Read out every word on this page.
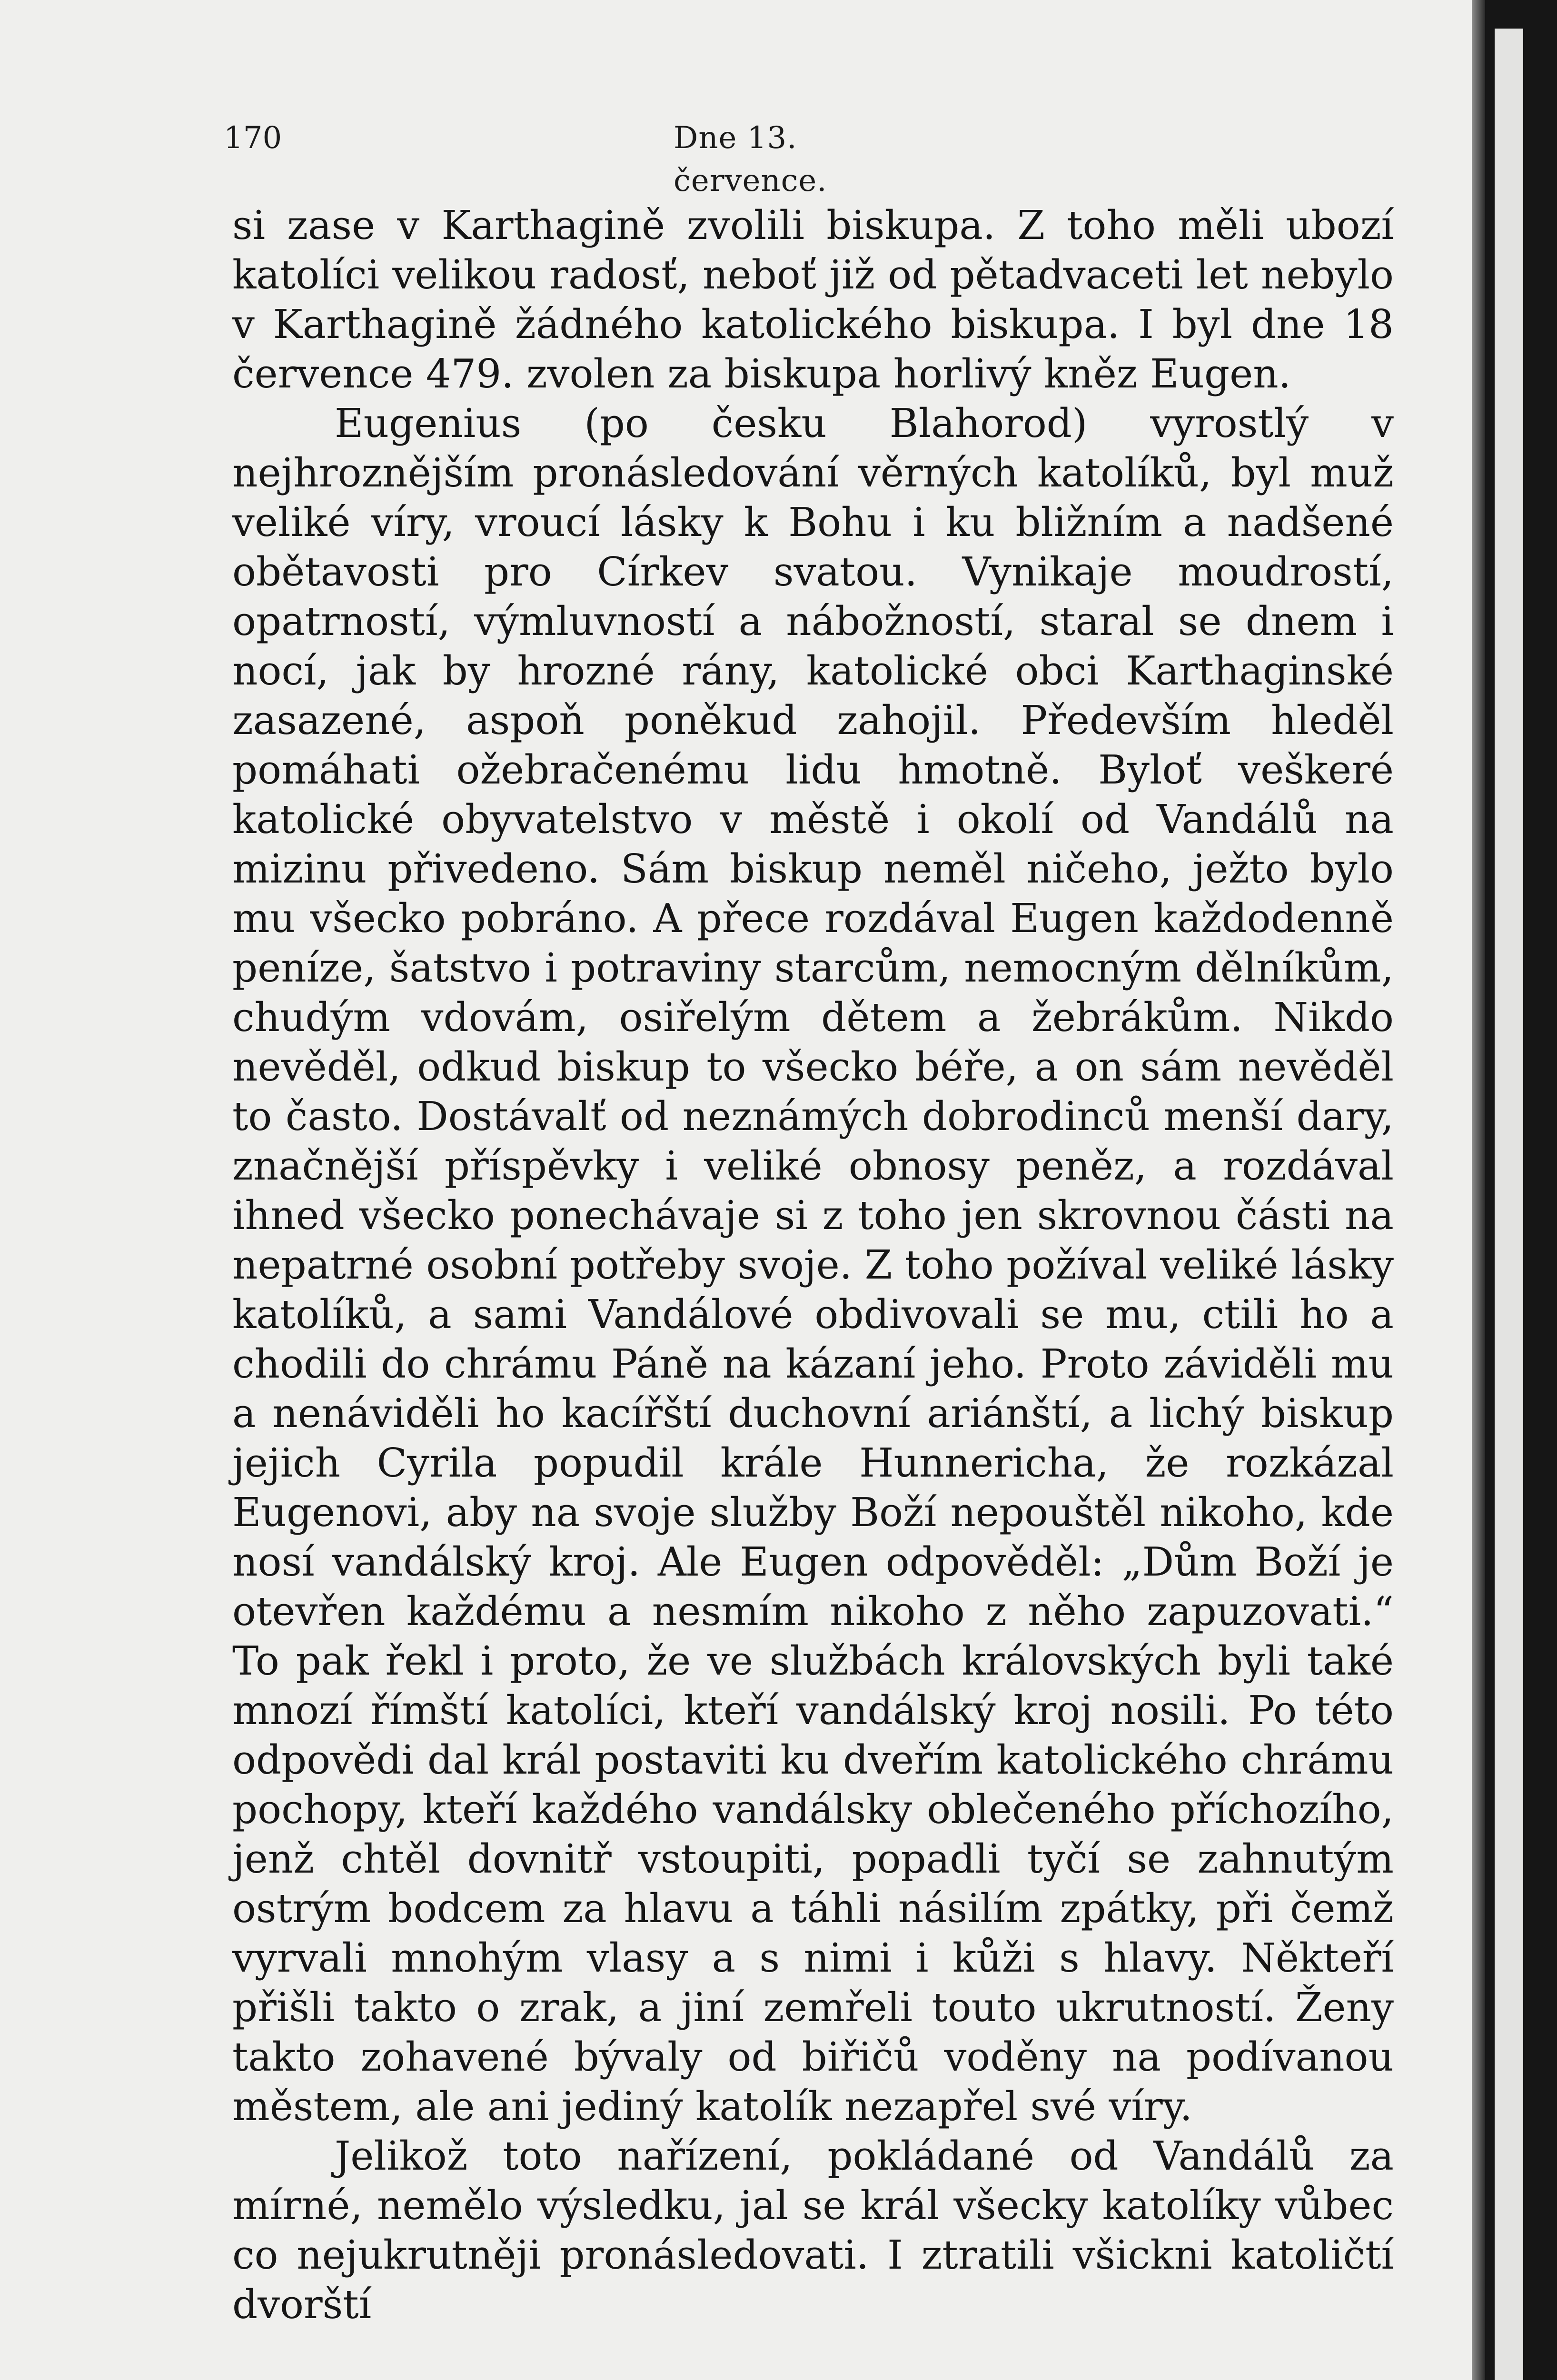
170	Dne 13. července.

si zase v Karthagině zvolili biskupa. Z toho měli ubozí katolíci velikou radosť, neboť již od pětadvaceti let nebylo v Karthagině žádného katolického biskupa. I byl dne 18 července 479. zvolen za biskupa horlivý kněz Eugen.

Eugenius (po česku Blahorod) vyrostlý v nejhroznějším pronásledování věrných katolíků, byl muž veliké víry, vroucí lásky k Bohu i ku bližním a nadšené obětavosti pro Církev svatou. Vynikaje moudrostí, opatrností, výmluvností a nábožností, staral se dnem i nocí, jak by hrozné rány, katolické obci Karthaginské zasazené, aspoň poněkud zahojil. Především hleděl pomáhati ožebračenému lidu hmotně. Byloť veškeré katolické obyvatelstvo v městě i okolí od Vandálů na mizinu přivedeno. Sám biskup neměl ničeho, ježto bylo mu všecko pobráno. A přece rozdával Eugen každodenně peníze, šatstvo i potraviny starcům, nemocným dělníkům, chudým vdovám, osiřelým dětem a žebrákům. Nikdo nevěděl, odkud biskup to všecko béře, a on sám nevěděl to často. Dostávalť od neznámých dobrodinců menší dary, značnější příspěvky i veliké obnosy peněz, a rozdával ihned všecko ponechávaje si z toho jen skrovnou části na nepatrné osobní potřeby svoje. Z toho požíval veliké lásky katolíků, a sami Vandálové obdivovali se mu, ctili ho a chodili do chrámu Páně na kázaní jeho. Proto záviděli mu a nenáviděli ho kacířští duchovní ariánští, a lichý biskup jejich Cyrila popudil krále Hunnericha, že rozkázal Eugenovi, aby na svoje služby Boží nepouštěl nikoho, kde nosí vandálský kroj. Ale Eugen odpověděl: „Dům Boží je otevřen každému a nesmím nikoho z něho zapuzovati.“ To pak řekl i proto, že ve službách královských byli také mnozí římští katolíci, kteří vandálský kroj nosili. Po této odpovědi dal král postaviti ku dveřím katolického chrámu pochopy, kteří každého vandálsky oblečeného příchozího, jenž chtěl dovnitř vstoupiti, popadli tyčí se zahnutým ostrým bodcem za hlavu a táhli násilím zpátky, při čemž vyrvali mnohým vlasy a s nimi i kůži s hlavy. Někteří přišli takto o zrak, a jiní zemřeli touto ukrutností. Ženy takto zohavené bývaly od biřičů voděny na podívanou městem, ale ani jediný katolík nezapřel své víry.

Jelikož toto nařízení, pokládané od Vandálů za mírné, nemělo výsledku, jal se král všecky katolíky vůbec co nejukrutněji pronásledovati. I ztratili všickni katoličtí dvorští
